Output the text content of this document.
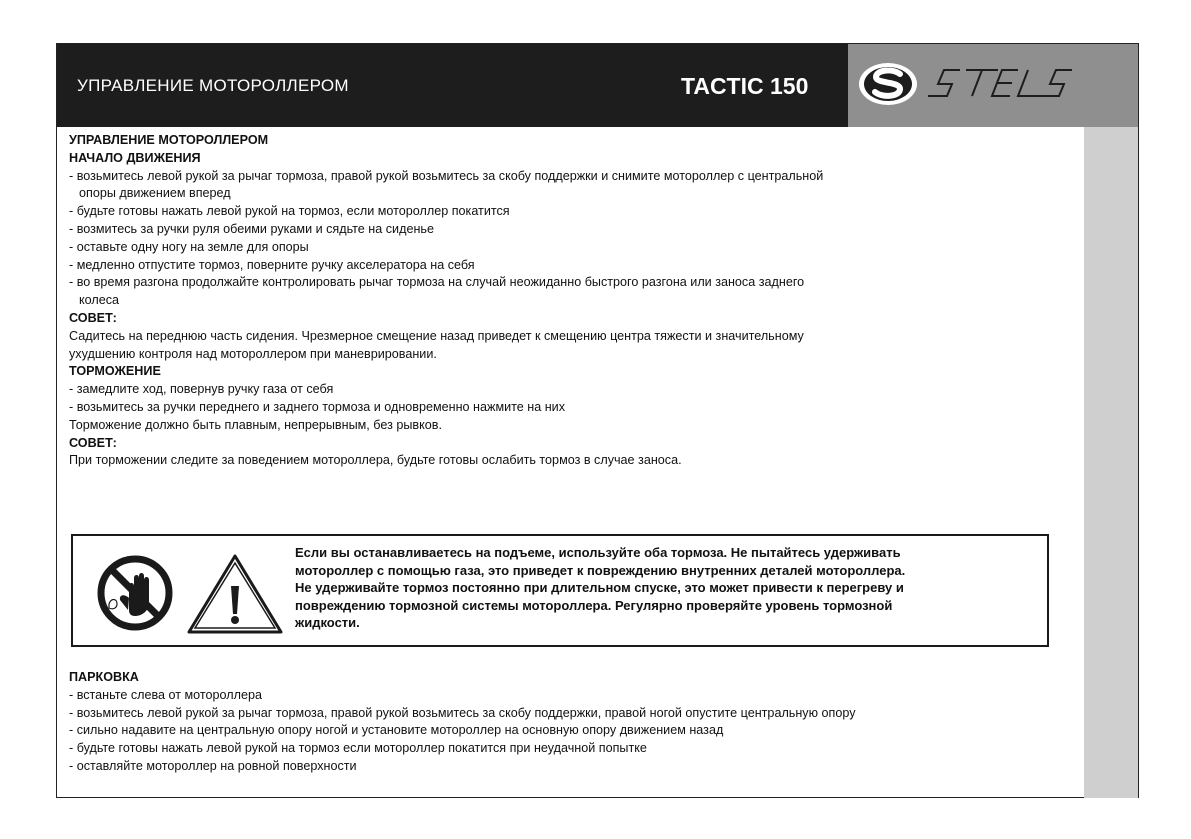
УПРАВЛЕНИЕ МОТОРОЛЛЕРОМ	TACTIC 150
УПРАВЛЕНИЕ МОТОРОЛЛЕРОМ
НАЧАЛО ДВИЖЕНИЯ
- возьмитесь левой рукой за рычаг тормоза, правой рукой возьмитесь за скобу поддержки и снимите мотороллер с центральной
опоры движением вперед
- будьте готовы нажать левой рукой на тормоз, если мотороллер покатится
- возмитесь за ручки руля обеими руками и сядьте на сиденье
- оставьте одну ногу на земле для опоры
- медленно отпустите тормоз, поверните ручку акселератора на себя
- во время разгона продолжайте контролировать рычаг тормоза на случай неожиданно быстрого разгона или заноса заднего
колеса
СОВЕТ:
Садитесь на переднюю часть сидения. Чрезмерное смещение назад приведет к смещению центра тяжести и значительному
ухудшению контроля над мотороллером при маневрировании.
ТОРМОЖЕНИЕ
- замедлите ход, повернув ручку газа от себя
- возьмитесь за ручки переднего и заднего тормоза и одновременно нажмите на них
Торможение должно быть плавным, непрерывным, без рывков.
СОВЕТ:
При торможении следите за поведением мотороллера, будьте готовы ослабить тормоз в случае заноса.
Если вы останавливаетесь на подъеме, используйте оба тормоза. Не пытайтесь удерживать
мотороллер с помощью газа, это приведет к повреждению внутренних деталей мотороллера.
Не удерживайте тормоз постоянно при длительном спуске, это может привести к перегреву и
повреждению тормозной системы мотороллера. Регулярно проверяйте уровень тормозной
жидкости.
ПАРКОВКА
- встаньте слева от мотороллера
- возьмитесь левой рукой за рычаг тормоза, правой рукой возьмитесь за скобу поддержки, правой ногой опустите центральную опору
- сильно надавите на центральную опору ногой и установите мотороллер на основную опору движением назад
- будьте готовы нажать левой рукой на тормоз если мотороллер покатится при неудачной попытке
- оставляйте мотороллер на ровной поверхности
